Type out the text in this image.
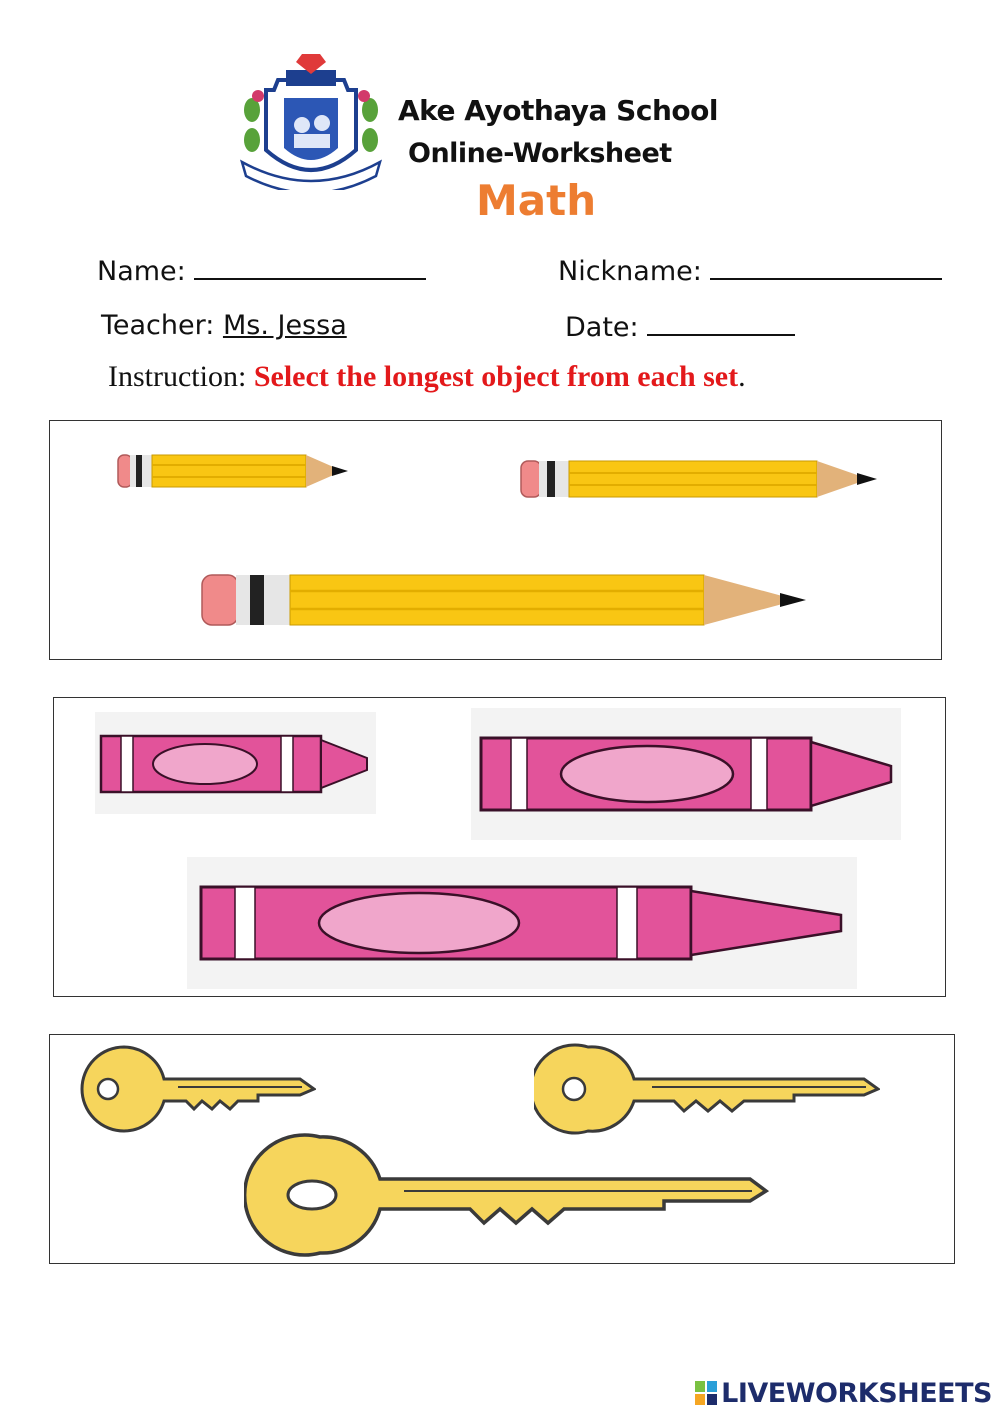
Ake Ayothaya School
Online-Worksheet
Math
Name:	Nickname:
Teacher: Ms. Jessa	Date:
Instruction: Select the longest object from each set.
LIVEWORKSHEETS
